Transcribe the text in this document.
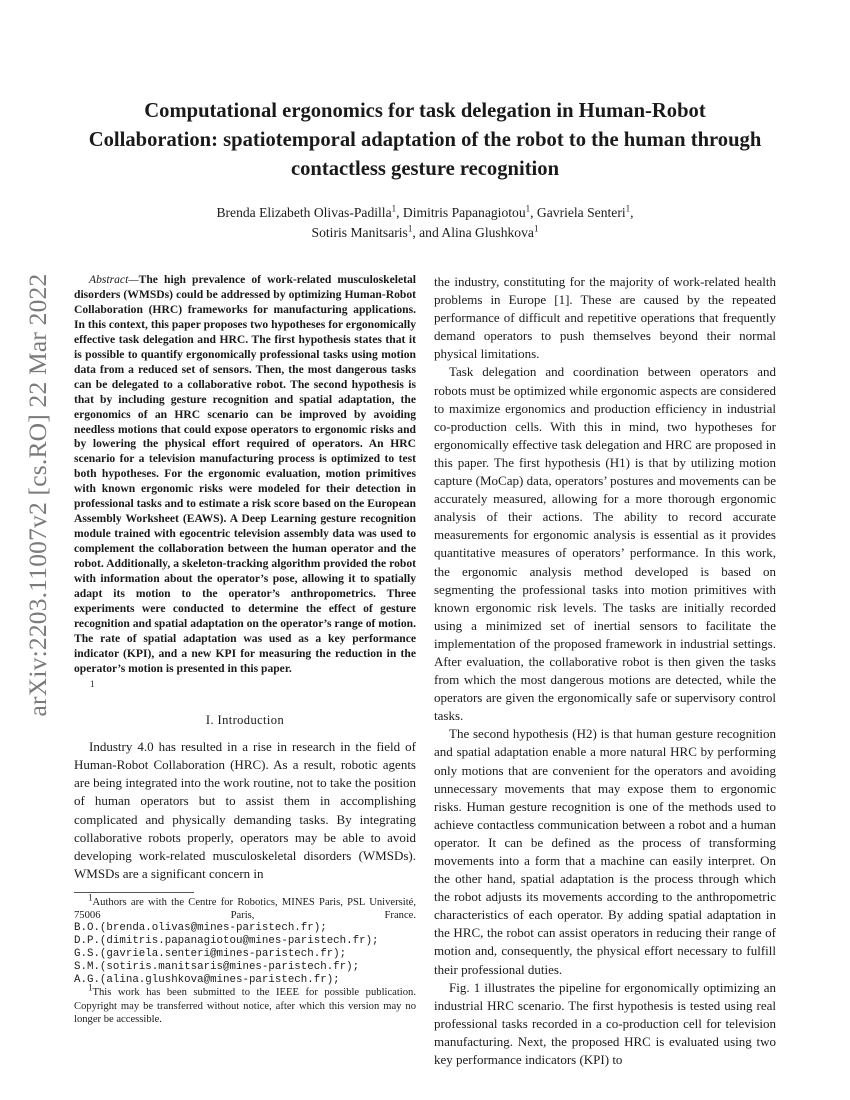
arXiv:2203.11007v2 [cs.RO] 22 Mar 2022
Computational ergonomics for task delegation in Human-Robot Collaboration: spatiotemporal adaptation of the robot to the human through contactless gesture recognition

Brenda Elizabeth Olivas-Padilla$^1$, Dimitris Papanagiotou$^1$, Gavriela Senteri$^1$,
Sotiris Manitsaris$^1$, and Alina Glushkova$^1$

Abstract—The high prevalence of work-related musculoskeletal disorders (WMSDs) could be addressed by optimizing Human-Robot Collaboration (HRC) frameworks for manufacturing applications. In this context, this paper proposes two hypotheses for ergonomically effective task delegation and HRC. The first hypothesis states that it is possible to quantify ergonomically professional tasks using motion data from a reduced set of sensors. Then, the most dangerous tasks can be delegated to a collaborative robot. The second hypothesis is that by including gesture recognition and spatial adaptation, the ergonomics of an HRC scenario can be improved by avoiding needless motions that could expose operators to ergonomic risks and by lowering the physical effort required of operators. An HRC scenario for a television manufacturing process is optimized to test both hypotheses. For the ergonomic evaluation, motion primitives with known ergonomic risks were modeled for their detection in professional tasks and to estimate a risk score based on the European Assembly Worksheet (EAWS). A Deep Learning gesture recognition module trained with egocentric television assembly data was used to complement the collaboration between the human operator and the robot. Additionally, a skeleton-tracking algorithm provided the robot with information about the operator’s pose, allowing it to spatially adapt its motion to the operator’s anthropometrics. Three experiments were conducted to determine the effect of gesture recognition and spatial adaptation on the operator’s range of motion. The rate of spatial adaptation was used as a key performance indicator (KPI), and a new KPI for measuring the reduction in the operator’s motion is presented in this paper.

1

I. Introduction

Industry 4.0 has resulted in a rise in research in the field of Human-Robot Collaboration (HRC). As a result, robotic agents are being integrated into the work routine, not to take the position of human operators but to assist them in accomplishing complicated and physically demanding tasks. By integrating collaborative robots properly, operators may be able to avoid developing work-related musculoskeletal disorders (WMSDs). WMSDs are a significant concern in

$^1$Authors are with the Centre for Robotics, MINES Paris, PSL Université, 75006 Paris, France.

B.O.(brenda.olivas@mines-paristech.fr);
D.P.(dimitris.papanagiotou@mines-paristech.fr);
G.S.(gavriela.senteri@mines-paristech.fr);
S.M.(sotiris.manitsaris@mines-paristech.fr);
A.G.(alina.glushkova@mines-paristech.fr);

$^1$This work has been submitted to the IEEE for possible publication. Copyright may be transferred without notice, after which this version may no longer be accessible.

the industry, constituting for the majority of work-related health problems in Europe [1]. These are caused by the repeated performance of difficult and repetitive operations that frequently demand operators to push themselves beyond their normal physical limitations.

Task delegation and coordination between operators and robots must be optimized while ergonomic aspects are considered to maximize ergonomics and production efficiency in industrial co-production cells. With this in mind, two hypotheses for ergonomically effective task delegation and HRC are proposed in this paper. The first hypothesis (H1) is that by utilizing motion capture (MoCap) data, operators’ postures and movements can be accurately measured, allowing for a more thorough ergonomic analysis of their actions. The ability to record accurate measurements for ergonomic analysis is essential as it provides quantitative measures of operators’ performance. In this work, the ergonomic analysis method developed is based on segmenting the professional tasks into motion primitives with known ergonomic risk levels. The tasks are initially recorded using a minimized set of inertial sensors to facilitate the implementation of the proposed framework in industrial settings. After evaluation, the collaborative robot is then given the tasks from which the most dangerous motions are detected, while the operators are given the ergonomically safe or supervisory control tasks.

The second hypothesis (H2) is that human gesture recognition and spatial adaptation enable a more natural HRC by performing only motions that are convenient for the operators and avoiding unnecessary movements that may expose them to ergonomic risks. Human gesture recognition is one of the methods used to achieve contactless communication between a robot and a human operator. It can be defined as the process of transforming movements into a form that a machine can easily interpret. On the other hand, spatial adaptation is the process through which the robot adjusts its movements according to the anthropometric characteristics of each operator. By adding spatial adaptation in the HRC, the robot can assist operators in reducing their range of motion and, consequently, the physical effort necessary to fulfill their professional duties.

Fig. 1 illustrates the pipeline for ergonomically optimizing an industrial HRC scenario. The first hypothesis is tested using real professional tasks recorded in a co-production cell for television manufacturing. Next, the proposed HRC is evaluated using two key performance indicators (KPI) to
